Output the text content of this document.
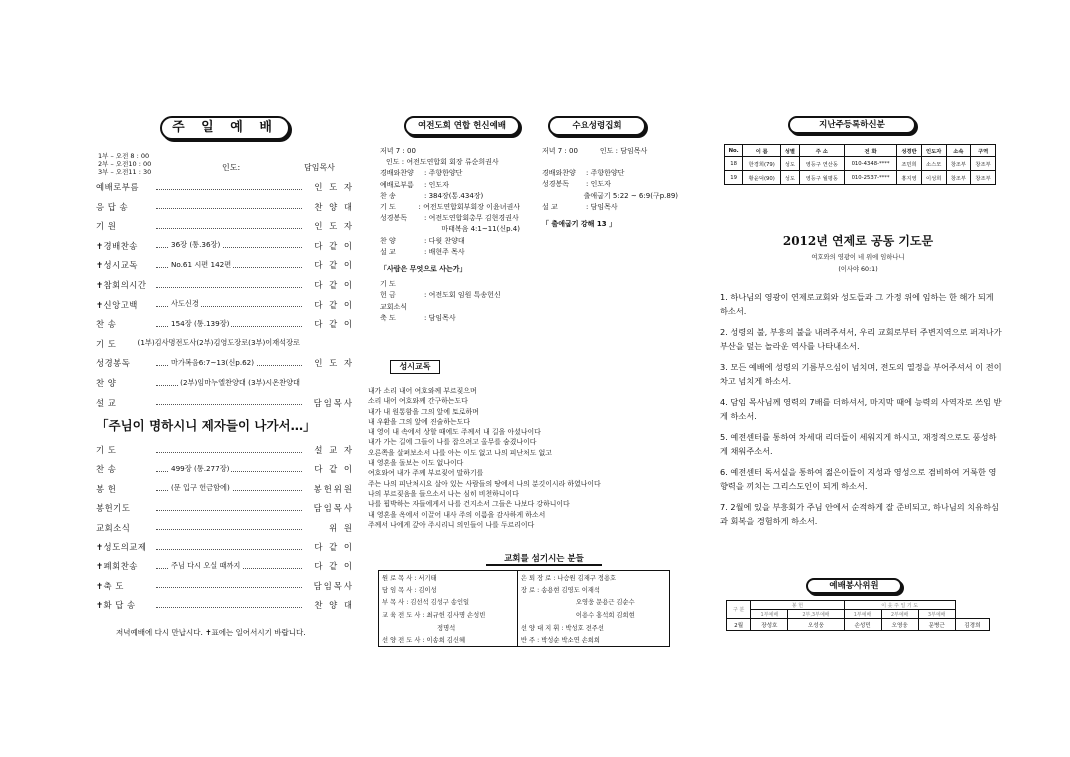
주 일 예 배
1부 – 오전 8 : 00
2부 – 오전10 : 00
3부 – 오전11 : 30	인도:	담임목사
예배로부름	인 도 자
응 답 송	찬 양 대
기 원	인 도 자
✝경배찬송	36장 (통.36장)	다 같 이
✝성시교독	No.61 시편 142편	다 같 이
✝참회의시간	다 같 이
✝신앙고백	사도신경	다 같 이
찬 송	154장 (통.139장)	다 같 이
기 도	(1부)김사명전도사(2부)김영도장로(3부)이재석장로
성경봉독	마가복음6:7~13(신p.62)	인 도 자
찬 양	(2부)임마누엘찬양대 (3부)시온찬양대
설 교	담임목사
「주님이 명하시니 제자들이 나가서…」
기 도	설 교 자
찬 송	499장 (통.277장)	다 같 이
봉 헌	(문 입구 헌금함에)	봉헌위원
봉헌기도	담임목사
교회소식	위 원
✝성도의교제	다 같 이
✝폐회찬송	주님 다시 오실 때까지	다 같 이
✝축 도	담임목사
✝화 답 송	찬 양 대
저녁예배에 다시 만납시다. ✝표에는 일어서시기 바랍니다.
여전도회 연합 헌신예배	수요성령집회
저녁 7 : 00
인도 : 여전도연합회 회장 류순희권사
경배와찬양	: 주향한양단
예배로부름	: 인도자
찬 송	: 384장(통.434장)
기 도	: 여전도연합회부회장 이윤녀권사
성경봉독	: 여전도연합회총무 김현경권사
마태복음 4:1~11(신p.4)
찬 양	: 다윗 찬양대
설 교	: 배현주 목사
「사람은 무엇으로 사는가」
기 도
헌 금	: 여전도회 임원 특송헌신
교회소식
축 도	: 담임목사
저녁 7 : 00	인도 : 담임목사
경배와찬양	: 주향한양단
성경봉독	: 인도자
출애굽기 5:22 ~ 6:9(구p.89)
설 교	: 담임목사
「 출애굽기 강해 13 」
성시교독
내가 소리 내어 여호와께 부르짖으며
소리 내어 여호와께 간구하는도다
내가 내 원통함을 그의 앞에 토로하며
내 우환을 그의 앞에 진술하는도다
내 영이 내 속에서 상할 때에도 주께서 내 길을 아셨나이다
내가 가는 길에 그들이 나를 잡으려고 올무를 숨겼나이다
오른쪽을 살펴보소서 나를 아는 이도 없고 나의 피난처도 없고
내 영혼을 돌보는 이도 없나이다
여호와여 내가 주께 부르짖어 말하기를
주는 나의 피난처시요 살아 있는 사람들의 땅에서 나의 분깃이시라 하였나이다
나의 부르짖음을 들으소서 나는 심히 비천하니이다
나를 핍박하는 자들에게서 나를 건지소서 그들은 나보다 강하니이다
내 영혼을 옥에서 이끌어 내사 주의 이름을 감사하게 하소서
주께서 나에게 갚아 주시리니 의인들이 나를 두르리이다
교회를 섬기시는 분들
원 로 목 사 : 서기태	은 퇴 장 로 : 나승원 김재구 정용호
담 임 목 사 : 김이성	장 로 : 송용현 김영도 이재석
부 목 사 : 김선석 김성구 송인일	오영웅 문용근 김순수
교 육 전 도 사 : 최규헌 김사명 손성빈	이용수 홍석희 김희현
정명석	선 양 대 지 휘 : 박성호 전주선
선 양 전 도 사 : 이송희 김신혜	반 주 : 박성순 박소연 손희희
지난주등록하신분
No.	이 름	성별	주 소	전 화	성경반	인도자	소속	구역
18	한경희(79)	성도	영등구 연산동	010-4348-****	조민희	소스모	창조부	창조부
19	황윤덕(90)	성도	영등구 월평동	010-2537-****	홍지영	이성희	창조부	창조부
2012년 연제로 공동 기도문
여호와의 영광이 네 위에 임하나니
(이사야 60:1)
1. 하나님의 영광이 연제로교회와 성도들과 그 가정 위에 임하는 한 해가 되게 하소서.
2. 성령의 불, 부흥의 불을 내려주셔서, 우리 교회로부터 주변지역으로 퍼져나가 부산을 덮는 놀라운 역사를 나타내소서.
3. 모든 예배에 성령의 기름부으심이 넘치며, 전도의 열정을 부어주셔서 이 전이 차고 넘치게 하소서.
4. 담임 목사님께 영력의 7배를 더하셔서, 마지막 때에 능력의 사역자로 쓰임 받게 하소서.
5. 예전센터를 통하여 차세대 리더들이 세워지게 하시고, 재정적으로도 풍성하게 채워주소서.
6. 예전센터 독서실을 통하여 젊은이들이 지성과 영성으로 겸비하여 거룩한 영향력을 끼치는 그리스도인이 되게 하소서.
7. 2월에 있을 부흥회가 주님 안에서 순적하게 잘 준비되고, 하나님의 치유하심과 회복을 경험하게 하소서.
예배봉사위원
구 분	봉 헌		이 웃 주 일 기 도			
	1부예배	2부,3부예배	1부예배	2부예배	3부예배	
2월	장성호	오성웅	손성민	오영웅	문병근	김경희
